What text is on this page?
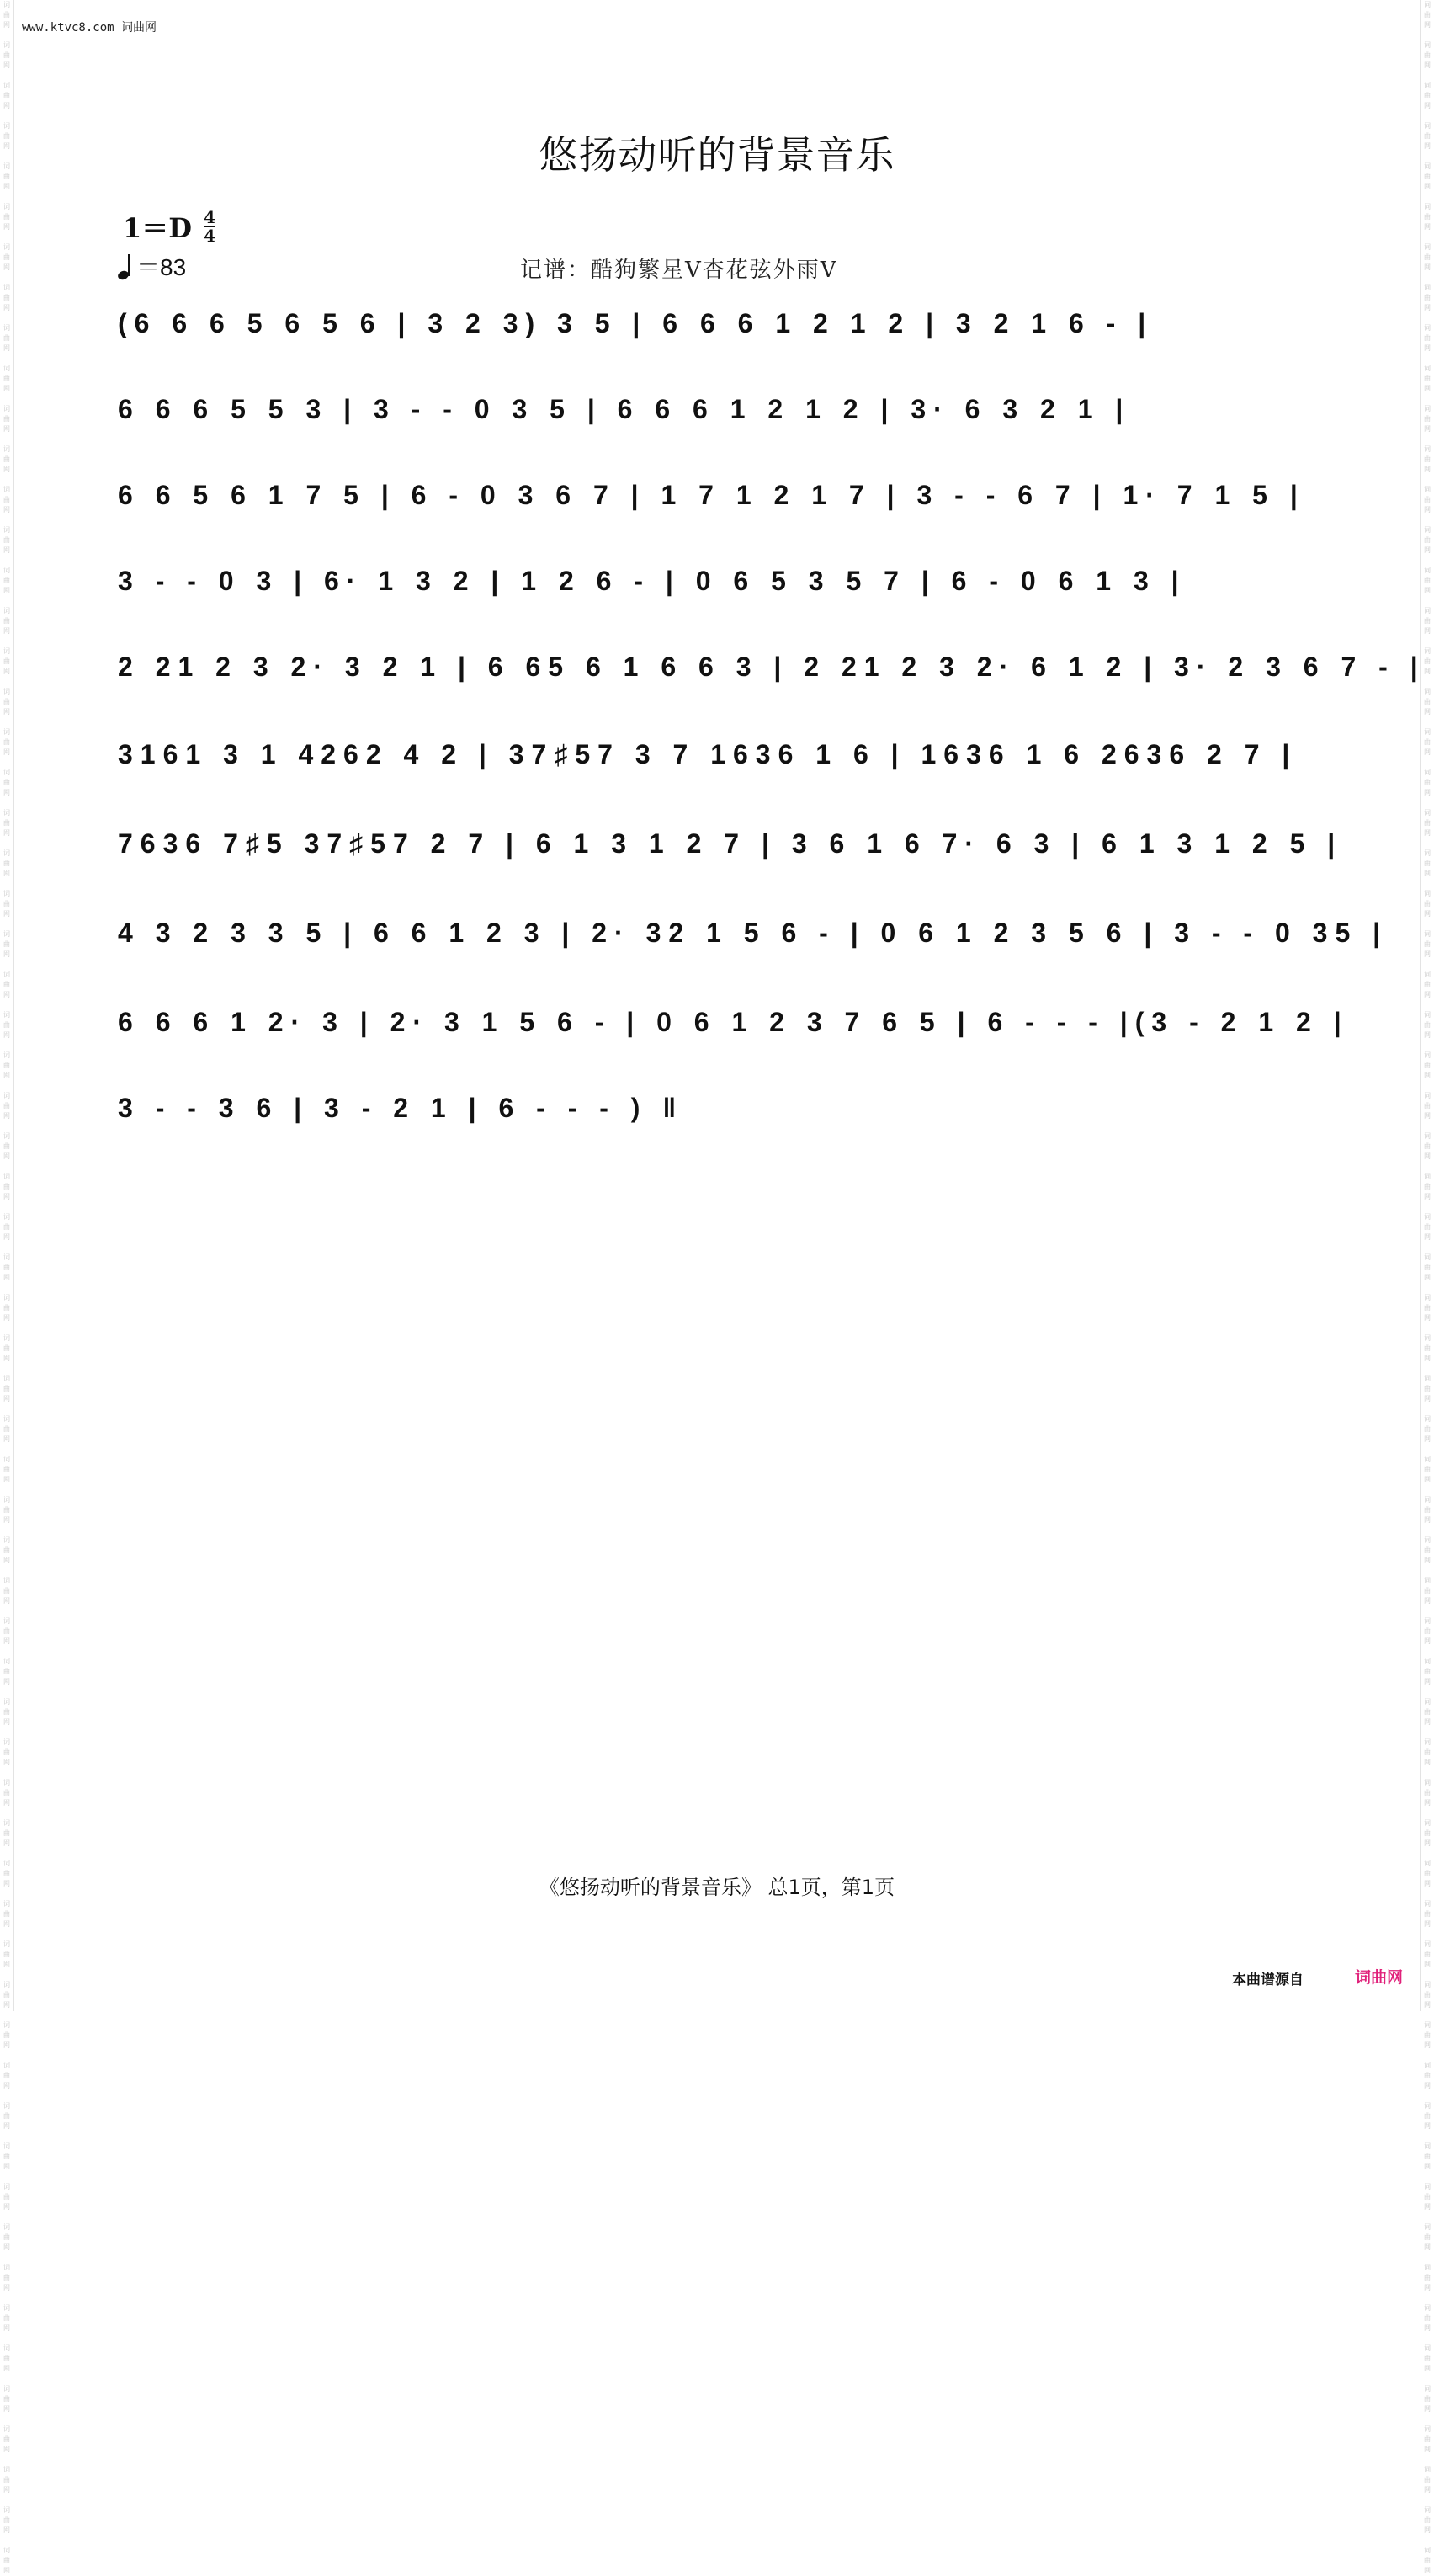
词
曲
网

词
曲
网

词
曲
网

词
曲
网

词
曲
网

词
曲
网

词
曲
网

词
曲
网

词
曲
网

词
曲
网

词
曲
网

词
曲
网

词
曲
网

词
曲
网

词
曲
网

词
曲
网

词
曲
网

词
曲
网

词
曲
网

词
曲
网

词
曲
网

词
曲
网

词
曲
网

词
曲
网

词
曲
网

词
曲
网

词
曲
网

词
曲
网

词
曲
网

词
曲
网

词
曲
网

词
曲
网

词
曲
网

词
曲
网

词
曲
网

词
曲
网

词
曲
网

词
曲
网

词
曲
网

词
曲
网

词
曲
网

词
曲
网

词
曲
网

词
曲
网

词
曲
网

词
曲
网

词
曲
网

词
曲
网

词
曲
网

词
曲
网

词
曲
网

词
曲
网

词
曲
网

词
曲
网

词
曲
网

词
曲
网

词
曲
网

词
曲
网

词
曲
网

词
曲
网

词
曲
网

词
曲
网

词
曲
网

词
曲
网

词
曲
网

词
曲
网

词
曲
网

词
曲
网

词
曲
网

词
曲
网

词
曲
网

词
曲
网

词
曲
网

词
曲
网

词
曲
网

词
曲
网

词
曲
网

词
曲
网

词
曲
网

词
曲
网

词
曲
网

词
曲
网

词
曲
网

词
曲
网

词
曲
网

词
曲
网

词
曲
网

词
曲
网

词
曲
网

词
曲
网

词
曲
网

词
曲
网

词
曲
网

词
曲
网

词
曲
网

词
曲
网

词
曲
网

词
曲
网

词
曲
网

词
曲
网

词
曲
网

词
曲
网

词
曲
网

词
曲
网

词
曲
网

词
曲
网

词
曲
网

词
曲
网

词
曲
网

词
曲
网

词
曲
网

词
曲
网

词
曲
网

词
曲
网

词
曲
网

词
曲
网

词
曲
网

词
曲
网

词
曲
网

词
曲
网

词
曲
网

词
曲
网

词
曲
网

词
曲
网

词
曲
网

词
曲
网

词
曲
网

词
曲
网

www.ktvc8.com 词曲网
悠扬动听的背景音乐
1＝D 4
4
＝83	记谱：酷狗繁星V杏花弦外雨V
(6 6 6 5 6 5 6 | 3 2 3) 3 5 | 6 6 6 1 2 1 2 | 3 2 1 6 - |
6 6 6 5 5 3 | 3 - - 0 3 5 | 6 6 6 1 2 1 2 | 3· 6 3 2 1 |
6 6 5 6 1 7 5 | 6 - 0 3 6 7 | 1 7 1 2 1 7 | 3 - - 6 7 | 1· 7 1 5 |
3 - - 0 3 | 6· 1 3 2 | 1 2 6 - | 0 6 5 3 5 7 | 6 - 0 6 1 3 |
2 21 2 3 2· 3 2 1 | 6 65 6 1 6 6 3 | 2 21 2 3 2· 6 1 2 | 3· 2 3 6 7 - |
3161 3 1 4262 4 2 | 37♯57 3 7 1636 1 6 | 1636 1 6 2636 2 7 |
7636 7♯5 37♯57 2 7 | 6 1 3 1 2 7 | 3 6 1 6 7· 6 3 | 6 1 3 1 2 5 |
4 3 2 3 3 5 | 6 6 1 2 3 | 2· 32 1 5 6 - | 0 6 1 2 3 5 6 | 3 - - 0 35 |
6 6 6 1 2· 3 | 2· 3 1 5 6 - | 0 6 1 2 3 7 6 5 | 6 - - - |(3 - 2 1 2 |
3 - - 3 6 | 3 - 2 1 | 6 - - - ) ‖
《悠扬动听的背景音乐》 总1页，第1页
本曲谱源自	词曲网
